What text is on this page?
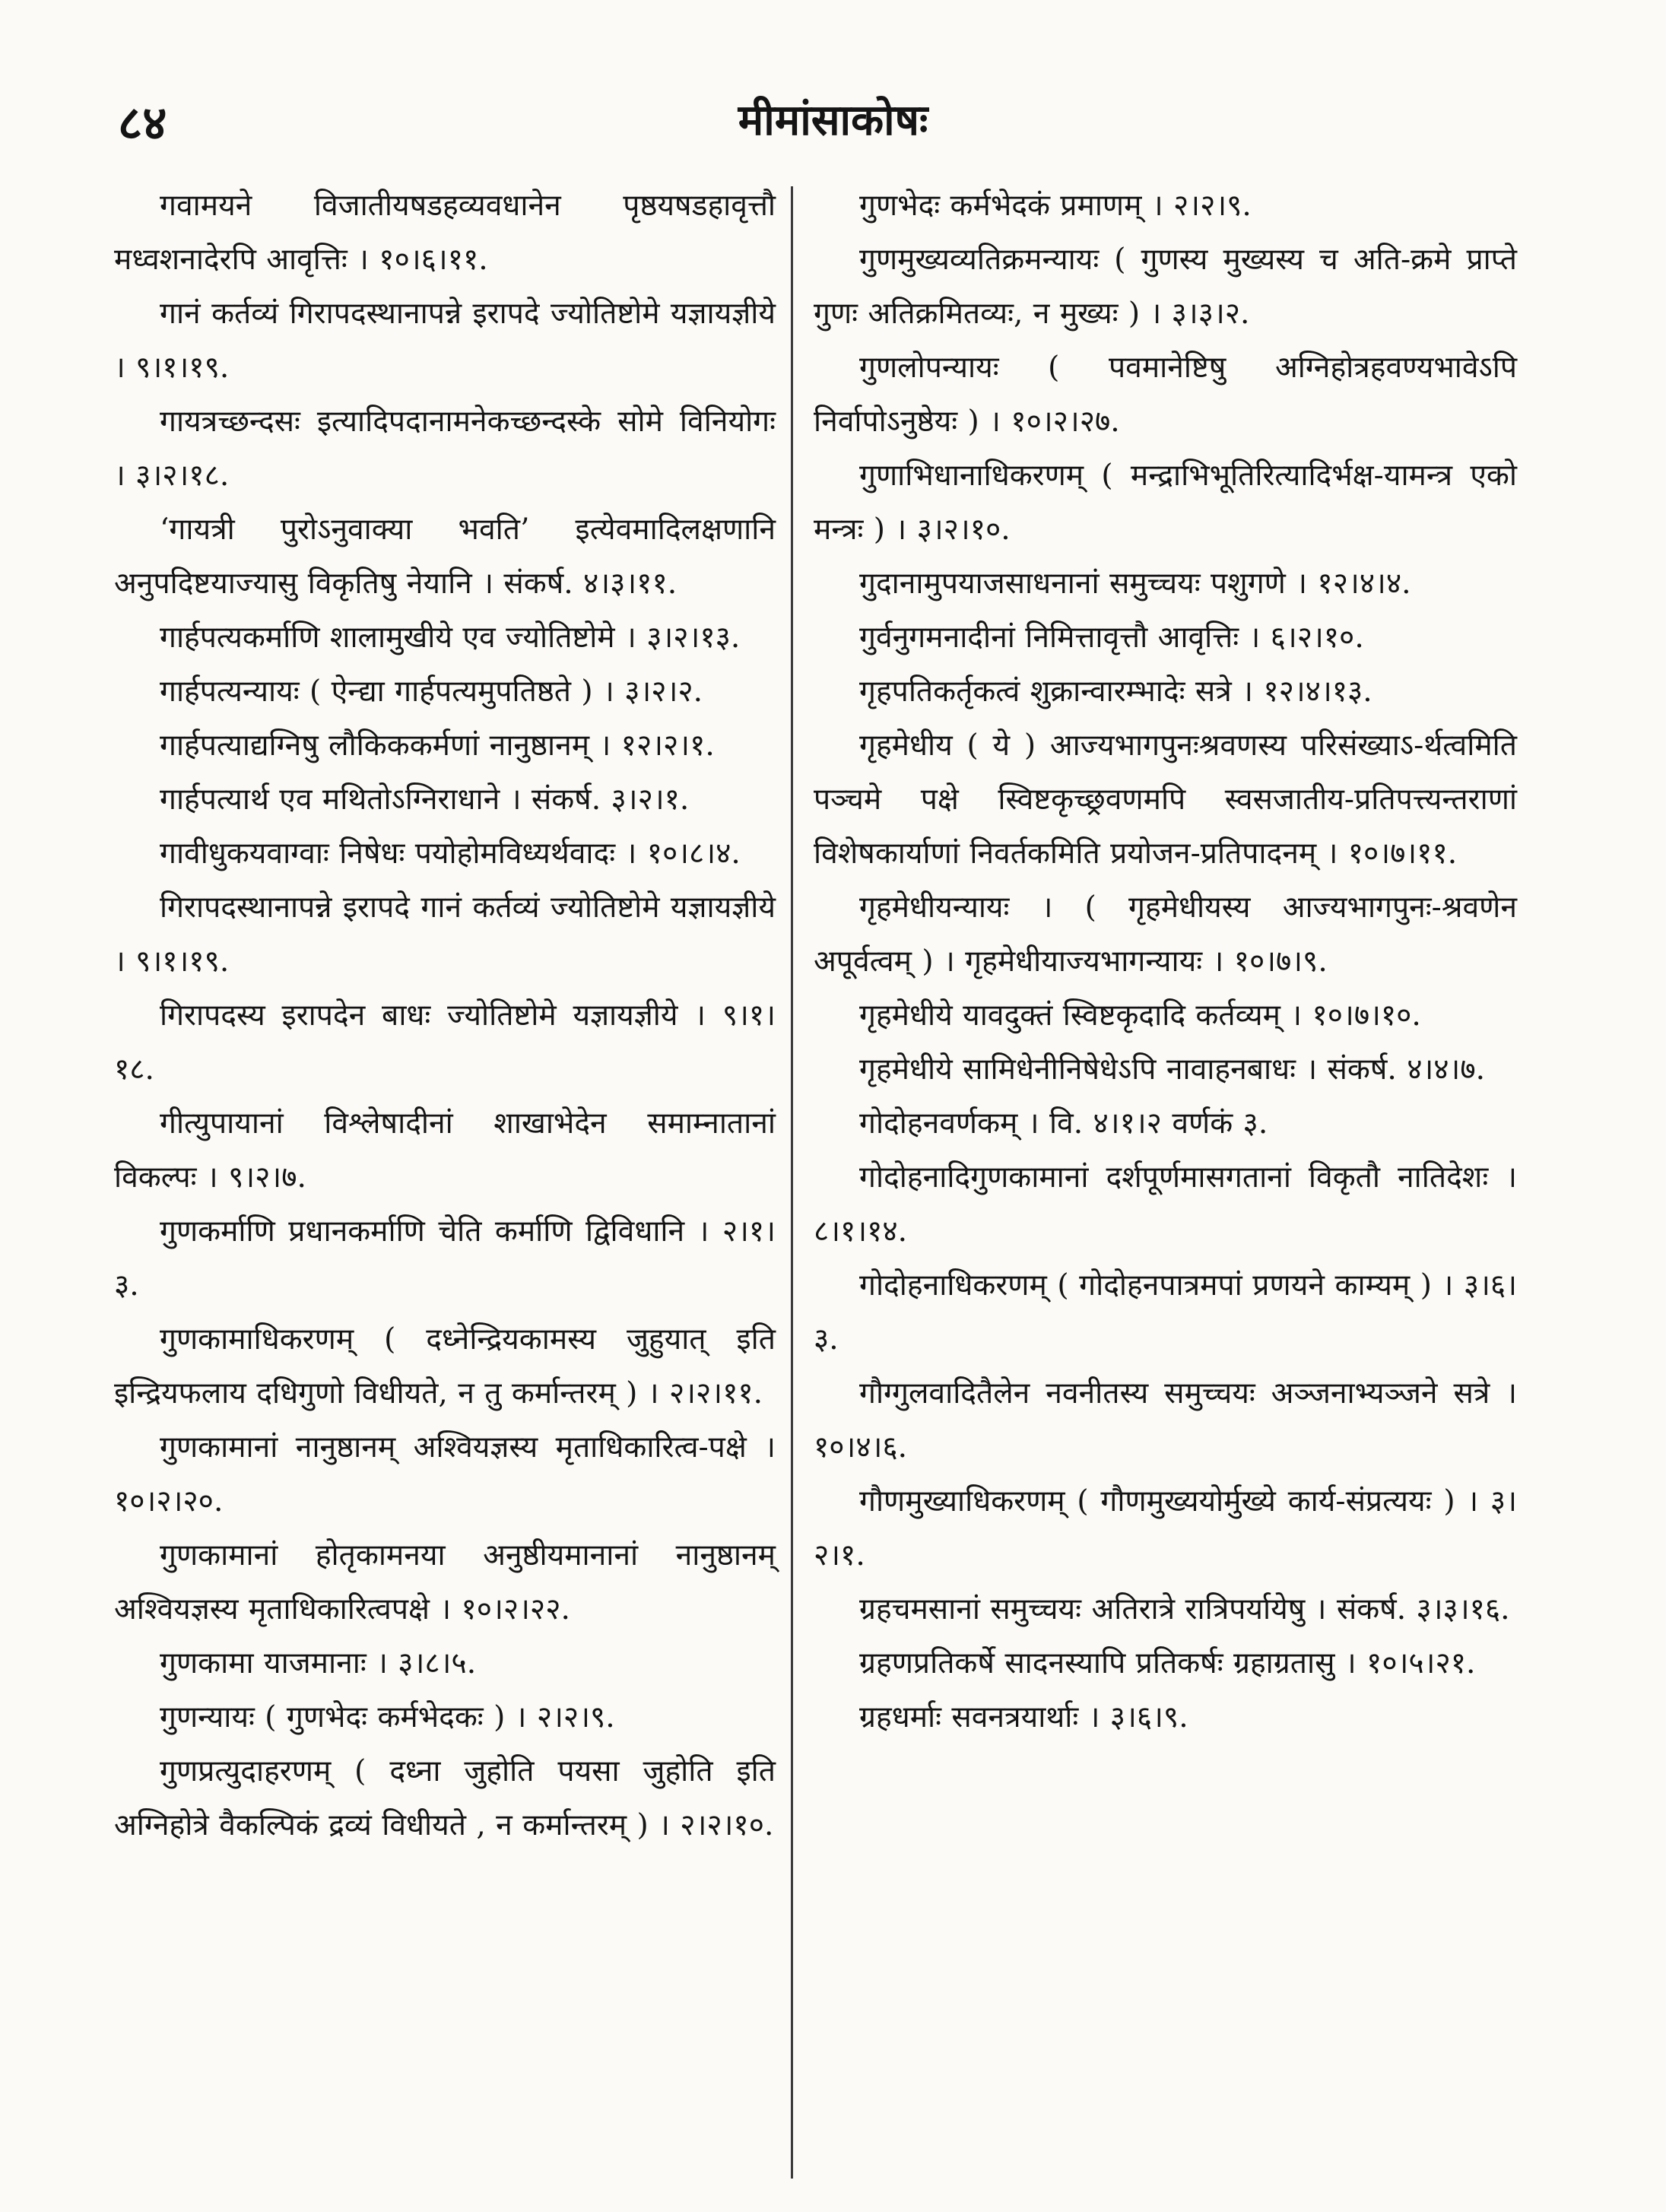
८४	मीमांसाकोषः

गवामयने विजातीयषडहव्यवधानेन पृष्ठयषडहावृत्तौ मध्वशनादेरपि आवृत्तिः । १०।६।११.

गानं कर्तव्यं गिरापदस्थानापन्ने इरापदे ज्योतिष्टोमे यज्ञायज्ञीये । ९।१।१९.

गायत्रच्छन्दसः इत्यादिपदानामनेकच्छन्दस्के सोमे विनियोगः । ३।२।१८.

‘गायत्री पुरोऽनुवाक्या भवति’ इत्येवमादिलक्षणानि अनुपदिष्टयाज्यासु विकृतिषु नेयानि । संकर्ष. ४।३।११.

गार्हपत्यकर्माणि शालामुखीये एव ज्योतिष्टोमे । ३।२।१३.

गार्हपत्यन्यायः ( ऐन्द्या गार्हपत्यमुपतिष्ठते ) । ३।२।२.

गार्हपत्याद्यग्निषु लौकिककर्मणां नानुष्ठानम् । १२।२।१.

गार्हपत्यार्थ एव मथितोऽग्निराधाने । संकर्ष. ३।२।१.

गावीधुकयवाग्वाः निषेधः पयोहोमविध्यर्थवादः । १०।८।४.

गिरापदस्थानापन्ने इरापदे गानं कर्तव्यं ज्योतिष्टोमे यज्ञायज्ञीये । ९।१।१९.

गिरापदस्य इरापदेन बाधः ज्योतिष्टोमे यज्ञायज्ञीये । ९।१।१८.

गीत्युपायानां विश्लेषादीनां शाखाभेदेन समाम्नातानां विकल्पः । ९।२।७.

गुणकर्माणि प्रधानकर्माणि चेति कर्माणि द्विविधानि । २।१।३.

गुणकामाधिकरणम् ( दध्नेन्द्रियकामस्य जुहुयात् इति इन्द्रियफलाय दधिगुणो विधीयते, न तु कर्मान्तरम् ) । २।२।११.

गुणकामानां नानुष्ठानम् अश्वियज्ञस्य मृताधिकारित्व-पक्षे । १०।२।२०.

गुणकामानां होतृकामनया अनुष्ठीयमानानां नानुष्ठानम् अश्वियज्ञस्य मृताधिकारित्वपक्षे । १०।२।२२.

गुणकामा याजमानाः । ३।८।५.

गुणन्यायः ( गुणभेदः कर्मभेदकः ) । २।२।९.

गुणप्रत्युदाहरणम् ( दध्ना जुहोति पयसा जुहोति इति अग्निहोत्रे वैकल्पिकं द्रव्यं विधीयते , न कर्मान्तरम् ) । २।२।१०.

गुणभेदः कर्मभेदकं प्रमाणम् । २।२।९.

गुणमुख्यव्यतिक्रमन्यायः ( गुणस्य मुख्यस्य च अति-क्रमे प्राप्ते गुणः अतिक्रमितव्यः, न मुख्यः ) । ३।३।२.

गुणलोपन्यायः ( पवमानेष्टिषु अग्निहोत्रहवण्यभावेऽपि निर्वापोऽनुष्ठेयः ) । १०।२।२७.

गुणाभिधानाधिकरणम् ( मन्द्राभिभूतिरित्यादिर्भक्ष-यामन्त्र एको मन्त्रः ) । ३।२।१०.

गुदानामुपयाजसाधनानां समुच्चयः पशुगणे । १२।४।४.

गुर्वनुगमनादीनां निमित्तावृत्तौ आवृत्तिः । ६।२।१०.

गृहपतिकर्तृकत्वं शुक्रान्वारम्भादेः सत्रे । १२।४।१३.

गृहमेधीय ( ये ) आज्यभागपुनःश्रवणस्य परिसंख्याऽ-र्थत्वमिति पञ्चमे पक्षे स्विष्टकृच्छ्रवणमपि स्वसजातीय-प्रतिपत्त्यन्तराणां विशेषकार्याणां निवर्तकमिति प्रयोजन-प्रतिपादनम् । १०।७।११.

गृहमेधीयन्यायः । ( गृहमेधीयस्य आज्यभागपुनः-श्रवणेन अपूर्वत्वम् ) । गृहमेधीयाज्यभागन्यायः । १०।७।९.

गृहमेधीये यावदुक्तं स्विष्टकृदादि कर्तव्यम् । १०।७।१०.

गृहमेधीये सामिधेनीनिषेधेऽपि नावाहनबाधः । संकर्ष. ४।४।७.

गोदोहनवर्णकम् । वि. ४।१।२ वर्णकं ३.

गोदोहनादिगुणकामानां दर्शपूर्णमासगतानां विकृतौ नातिदेशः । ८।१।१४.

गोदोहनाधिकरणम् ( गोदोहनपात्रमपां प्रणयने काम्यम् ) । ३।६।३.

गौग्गुलवादितैलेन नवनीतस्य समुच्चयः अञ्जनाभ्यञ्जने सत्रे । १०।४।६.

गौणमुख्याधिकरणम् ( गौणमुख्ययोर्मुख्ये कार्य-संप्रत्ययः ) । ३।२।१.

ग्रहचमसानां समुच्चयः अतिरात्रे रात्रिपर्यायेषु । संकर्ष. ३।३।१६.

ग्रहणप्रतिकर्षे सादनस्यापि प्रतिकर्षः ग्रहाग्रतासु । १०।५।२१.

ग्रहधर्माः सवनत्रयार्थाः । ३।६।९.
